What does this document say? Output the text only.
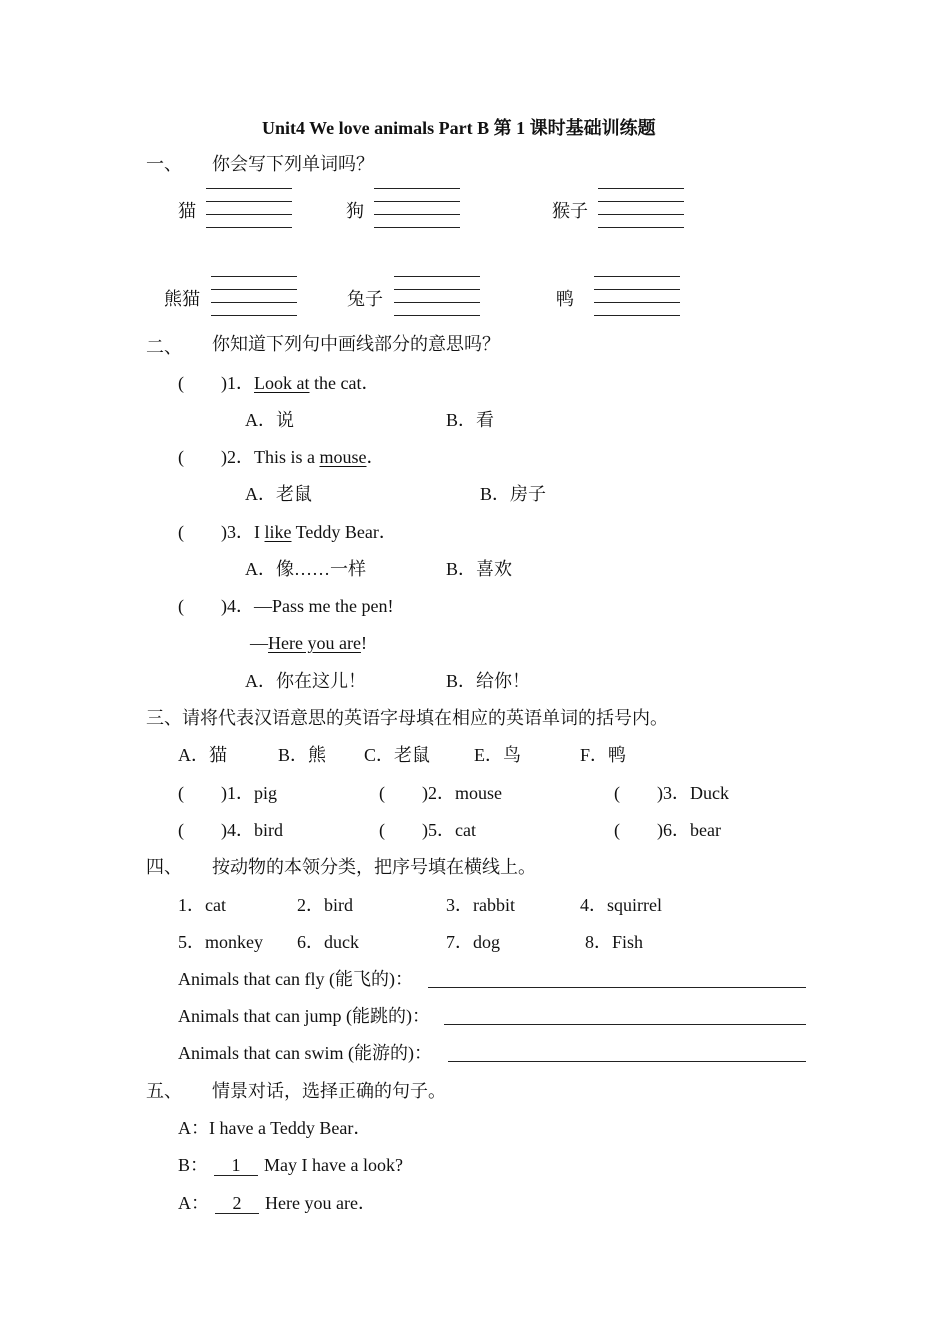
Unit4 We love animals Part B 第 1 课时基础训练题
一、 你会写下列单词吗？
猫	狗	猴子
熊猫	兔子	鸭
二、 你知道下列句中画线部分的意思吗？
( )1．Look at the cat．
A．说	B．看
( )2．This is a mouse．
A．老鼠	B．房子
( )3．I like Teddy Bear．
A．像……一样	B．喜欢
( )4．—Pass me the pen!
—Here you are!
A．你在这儿！	B．给你！
三、请将代表汉语意思的英语字母填在相应的英语单词的括号内。
A．猫	B．熊 C．老鼠 E．鸟	F．鸭
( )1．pig	( )2．mouse	( )3．Duck
( )4．bird	( )5．cat	( )6．bear
四、 按动物的本领分类，把序号填在横线上。
1．cat	2．bird	3．rabbit	4．squirrel
5．monkey 6．duck	7．dog	8．Fish
Animals that can fly (能飞的)：
Animals that can jump (能跳的)：
Animals that can swim (能游的)：
五、 情景对话，选择正确的句子。
A：I have a Teddy Bear．
B： 1 May I have a look?
A： 2 Here you are．
